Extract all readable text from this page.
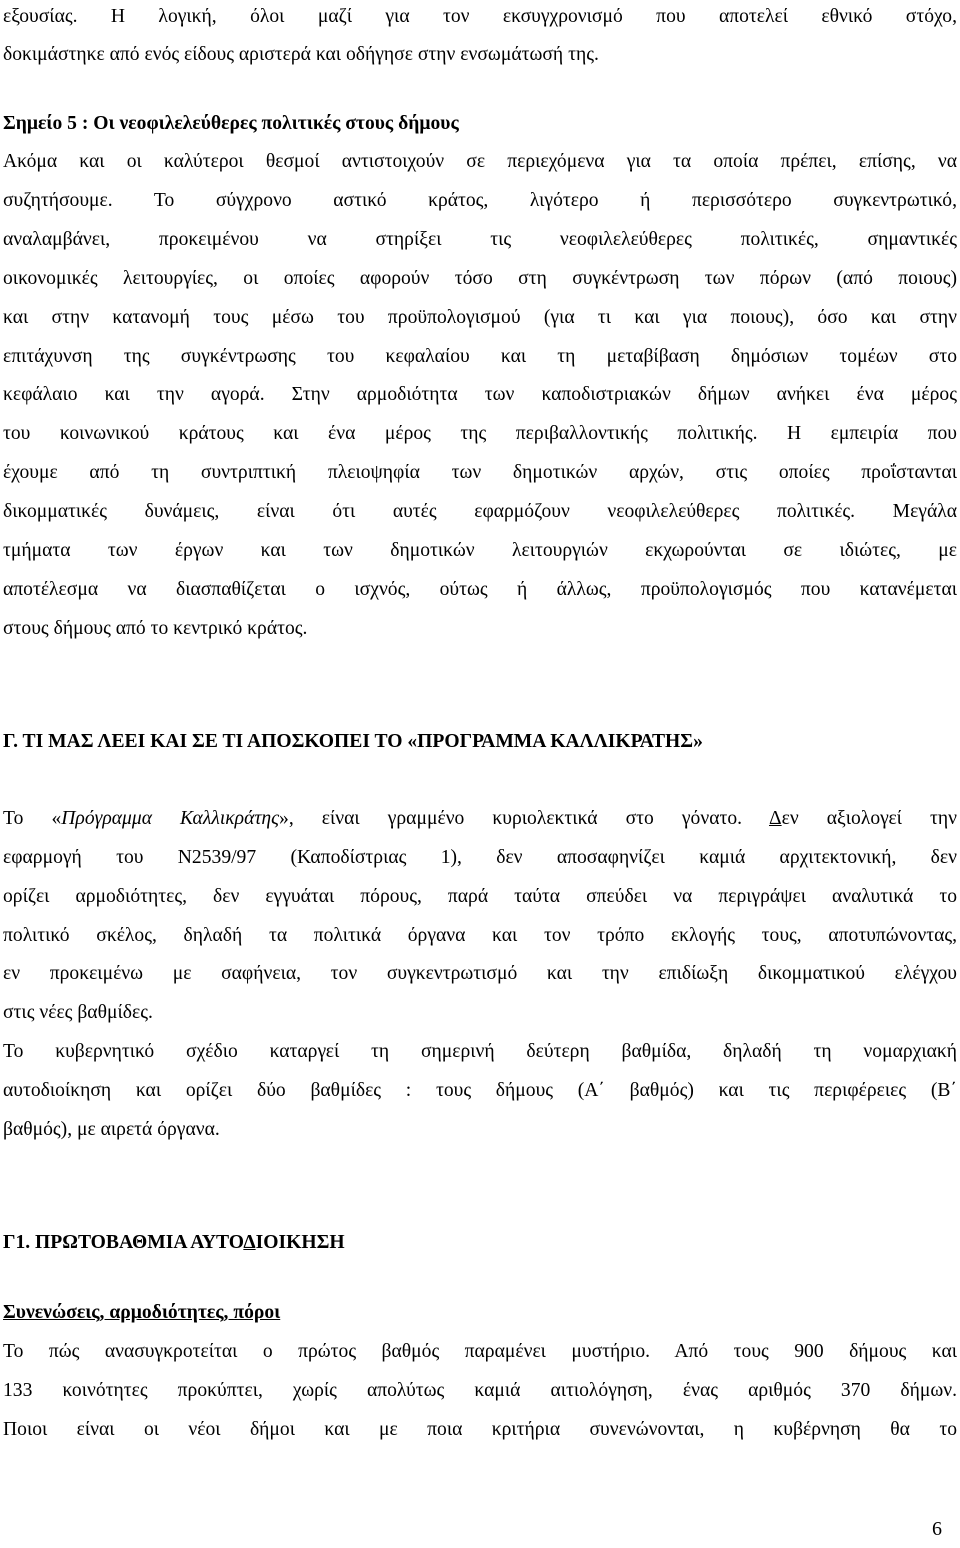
εξουσίας. Η λογική, όλοι μαζί για τον εκσυγχρονισμό που αποτελεί εθνικό στόχο,
δοκιμάστηκε από ενός είδους αριστερά και οδήγησε στην ενσωμάτωσή της.
Σημείο 5 : Οι νεοφιλελεύθερες πολιτικές στους δήμους
Ακόμα και οι καλύτεροι θεσμοί αντιστοιχούν σε περιεχόμενα για τα οποία πρέπει, επίσης, να
συζητήσουμε. Το σύγχρονο αστικό κράτος, λιγότερο ή περισσότερο συγκεντρωτικό,
αναλαμβάνει, προκειμένου να στηρίξει τις νεοφιλελεύθερες πολιτικές, σημαντικές
οικονομικές λειτουργίες, οι οποίες αφορούν τόσο στη συγκέντρωση των πόρων (από ποιους)
και στην κατανομή τους μέσω του προϋπολογισμού (για τι και για ποιους), όσο και στην
επιτάχυνση της συγκέντρωσης του κεφαλαίου και τη μεταβίβαση δημόσιων τομέων στο
κεφάλαιο και την αγορά. Στην αρμοδιότητα των καποδιστριακών δήμων ανήκει ένα μέρος
του κοινωνικού κράτους και ένα μέρος της περιβαλλοντικής πολιτικής. Η εμπειρία που
έχουμε από τη συντριπτική πλειοψηφία των δημοτικών αρχών, στις οποίες προΐστανται
δικομματικές δυνάμεις, είναι ότι αυτές εφαρμόζουν νεοφιλελεύθερες πολιτικές. Μεγάλα
τμήματα των έργων και των δημοτικών λειτουργιών εκχωρούνται σε ιδιώτες, με
αποτέλεσμα να διασπαθίζεται ο ισχνός, ούτως ή άλλως, προϋπολογισμός που κατανέμεται
στους δήμους από το κεντρικό κράτος.
Γ. ΤΙ ΜΑΣ ΛΕΕΙ ΚΑΙ ΣΕ ΤΙ ΑΠΟΣΚΟΠΕΙ ΤΟ «ΠΡΟΓΡΑΜΜΑ ΚΑΛΛΙΚΡΑΤΗΣ»
Το «Πρόγραμμα Καλλικράτης», είναι γραμμένο κυριολεκτικά στο γόνατο. Δεν αξιολογεί την
εφαρμογή του Ν2539/97 (Καποδίστριας 1), δεν αποσαφηνίζει καμιά αρχιτεκτονική, δεν
ορίζει αρμοδιότητες, δεν εγγυάται πόρους, παρά ταύτα σπεύδει να περιγράψει αναλυτικά το
πολιτικό σκέλος, δηλαδή τα πολιτικά όργανα και τον τρόπο εκλογής τους, αποτυπώνοντας,
εν προκειμένω με σαφήνεια, τον συγκεντρωτισμό και την επιδίωξη δικομματικού ελέγχου
στις νέες βαθμίδες.
Το κυβερνητικό σχέδιο καταργεί τη σημερινή δεύτερη βαθμίδα, δηλαδή τη νομαρχιακή
αυτοδιοίκηση και ορίζει δύο βαθμίδες : τους δήμους (Α΄ βαθμός) και τις περιφέρειες (Β΄
βαθμός), με αιρετά όργανα.
Γ1. ΠΡΩΤΟΒΑΘΜΙΑ ΑΥΤΟΔΙΟΙΚΗΣΗ
Συνενώσεις, αρμοδιότητες, πόροι
Το πώς ανασυγκροτείται ο πρώτος βαθμός παραμένει μυστήριο. Από τους 900 δήμους και
133 κοινότητες προκύπτει, χωρίς απολύτως καμιά αιτιολόγηση, ένας αριθμός 370 δήμων.
Ποιοι είναι οι νέοι δήμοι και με ποια κριτήρια συνενώνονται, η κυβέρνηση θα το
6
